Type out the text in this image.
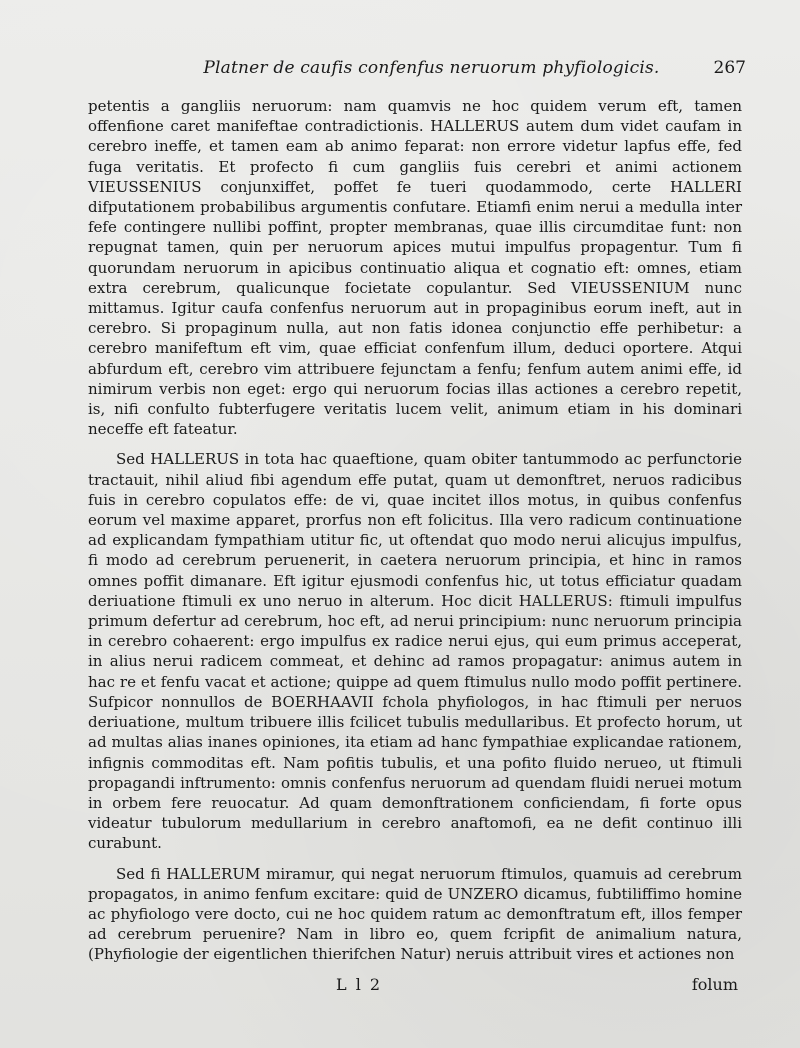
Platner de caufis confenfus neruorum phyfiologicis.	267

petentis a gangliis neruorum: nam quamvis ne hoc quidem verum eft, tamen offenfione caret manifeftae contradictionis. HALLERUS autem dum videt caufam in cerebro ineffe, et tamen eam ab animo feparat: non errore videtur lapfus effe, fed fuga veritatis. Et profecto fi cum gangliis fuis cerebri et animi actionem VIEUSSENIUS conjunxiffet, poffet fe tueri quodammodo, certe HALLERI difputationem probabilibus argumentis confutare. Etiamfi enim nerui a medulla inter fefe contingere nullibi poffint, propter membranas, quae illis circumditae funt: non repugnat tamen, quin per neruorum apices mutui impulfus propagentur. Tum fi quorundam neruorum in apicibus continuatio aliqua et cognatio eft: omnes, etiam extra cerebrum, qualicunque focietate copulantur. Sed VIEUSSENIUM nunc mittamus. Igitur caufa confenfus neruorum aut in propaginibus eorum ineft, aut in cerebro. Si propaginum nulla, aut non fatis idonea conjunctio effe perhibetur: a cerebro manifeftum eft vim, quae efficiat confenfum illum, deduci oportere. Atqui abfurdum eft, cerebro vim attribuere fejunctam a fenfu; fenfum autem animi effe, id nimirum verbis non eget: ergo qui neruorum focias illas actiones a cerebro repetit, is, nifi confulto fubterfugere veritatis lucem velit, animum etiam in his dominari neceffe eft fateatur.

Sed HALLERUS in tota hac quaeftione, quam obiter tantummodo ac perfunctorie tractauit, nihil aliud fibi agendum effe putat, quam ut demonftret, neruos radicibus fuis in cerebro copulatos effe: de vi, quae incitet illos motus, in quibus confenfus eorum vel maxime apparet, prorfus non eft folicitus. Illa vero radicum continuatione ad explicandam fympathiam utitur fic, ut oftendat quo modo nerui alicujus impulfus, fi modo ad cerebrum peruenerit, in caetera neruorum principia, et hinc in ramos omnes poffit dimanare. Eft igitur ejusmodi confenfus hic, ut totus efficiatur quadam deriuatione ftimuli ex uno neruo in alterum. Hoc dicit HALLERUS: ftimuli impulfus primum defertur ad cerebrum, hoc eft, ad nerui principium: nunc neruorum principia in cerebro cohaerent: ergo impulfus ex radice nerui ejus, qui eum primus acceperat, in alius nerui radicem commeat, et dehinc ad ramos propagatur: animus autem in hac re et fenfu vacat et actione; quippe ad quem ftimulus nullo modo poffit pertinere. Sufpicor nonnullos de BOERHAAVII fchola phyfiologos, in hac ftimuli per neruos deriuatione, multum tribuere illis fcilicet tubulis medullaribus. Et profecto horum, ut ad multas alias inanes opiniones, ita etiam ad hanc fympathiae explicandae rationem, infignis commoditas eft. Nam pofitis tubulis, et una pofito fluido nerueo, ut ftimuli propagandi inftrumento: omnis confenfus neruorum ad quendam fluidi neruei motum in orbem fere reuocatur. Ad quam demonftrationem conficiendam, fi forte opus videatur tubulorum medullarium in cerebro anaftomofi, ea ne defit continuo illi curabunt.

Sed fi HALLERUM miramur, qui negat neruorum ftimulos, quamuis ad cerebrum propagatos, in animo fenfum excitare: quid de UNZERO dicamus, fubtiliffimo homine ac phyfiologo vere docto, cui ne hoc quidem ratum ac demonftratum eft, illos femper ad cerebrum peruenire? Nam in libro eo, quem fcripfit de animalium natura, (Phyfiologie der eigentlichen thierifchen Natur) neruis attribuit vires et actiones non

L l 2	folum
